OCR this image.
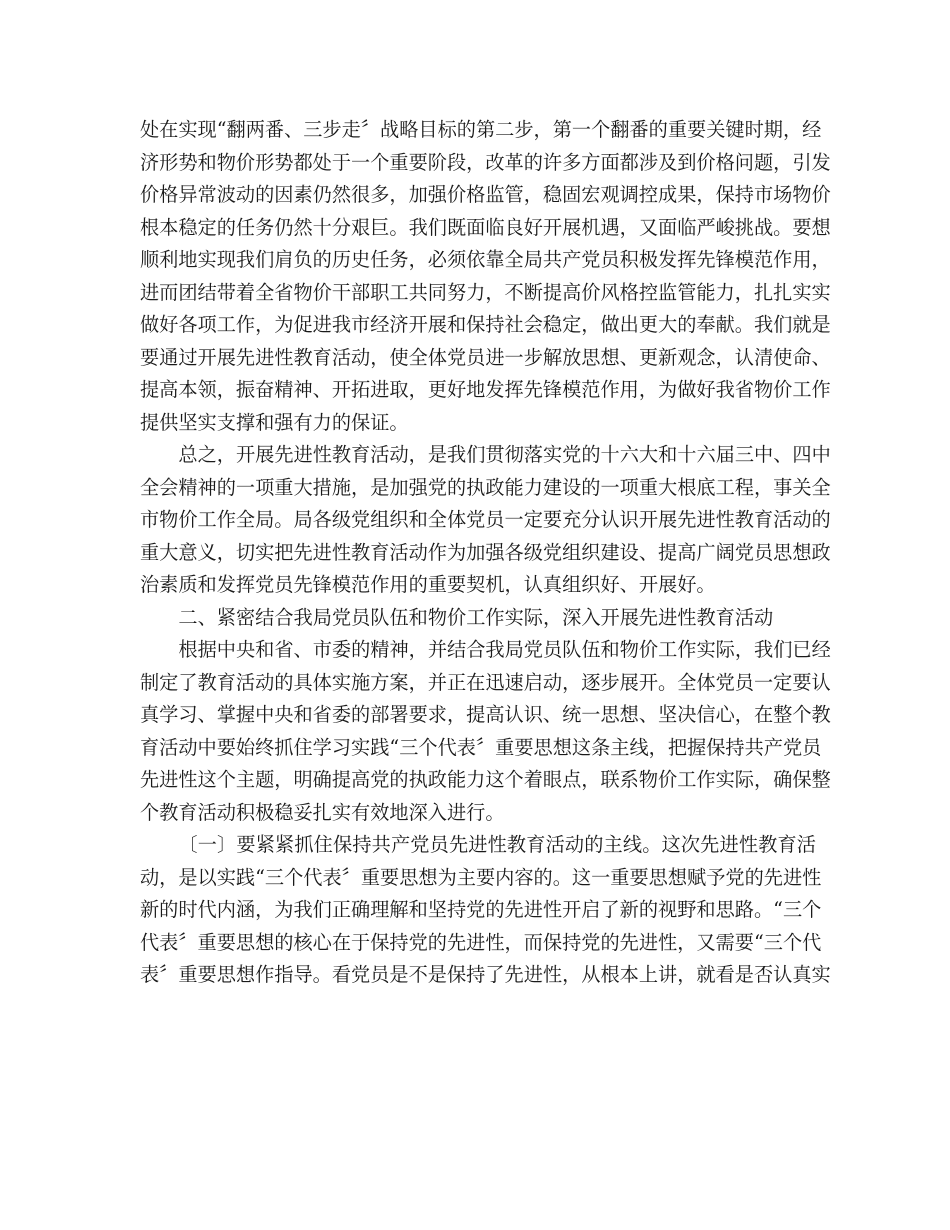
处在实现“翻两番、三步走〞战略目标的第二步，第一个翻番的重要关键时期，经
济形势和物价形势都处于一个重要阶段，改革的许多方面都涉及到价格问题，引发
价格异常波动的因素仍然很多，加强价格监管，稳固宏观调控成果，保持市场物价
根本稳定的任务仍然十分艰巨。我们既面临良好开展机遇，又面临严峻挑战。要想
顺利地实现我们肩负的历史任务，必须依靠全局共产党员积极发挥先锋模范作用，
进而团结带着全省物价干部职工共同努力，不断提高价风格控监管能力，扎扎实实
做好各项工作，为促进我市经济开展和保持社会稳定，做出更大的奉献。我们就是
要通过开展先进性教育活动，使全体党员进一步解放思想、更新观念，认清使命、
提高本领，振奋精神、开拓进取，更好地发挥先锋模范作用，为做好我省物价工作
提供坚实支撑和强有力的保证。

总之，开展先进性教育活动，是我们贯彻落实党的十六大和十六届三中、四中
全会精神的一项重大措施，是加强党的执政能力建设的一项重大根底工程，事关全
市物价工作全局。局各级党组织和全体党员一定要充分认识开展先进性教育活动的
重大意义，切实把先进性教育活动作为加强各级党组织建设、提高广阔党员思想政
治素质和发挥党员先锋模范作用的重要契机，认真组织好、开展好。

二、紧密结合我局党员队伍和物价工作实际，深入开展先进性教育活动

根据中央和省、市委的精神，并结合我局党员队伍和物价工作实际，我们已经
制定了教育活动的具体实施方案，并正在迅速启动，逐步展开。全体党员一定要认
真学习、掌握中央和省委的部署要求，提高认识、统一思想、坚决信心，在整个教
育活动中要始终抓住学习实践“三个代表〞重要思想这条主线，把握保持共产党员
先进性这个主题，明确提高党的执政能力这个着眼点，联系物价工作实际，确保整
个教育活动积极稳妥扎实有效地深入进行。

〔一〕要紧紧抓住保持共产党员先进性教育活动的主线。这次先进性教育活
动，是以实践“三个代表〞重要思想为主要内容的。这一重要思想赋予党的先进性
新的时代内涵，为我们正确理解和坚持党的先进性开启了新的视野和思路。“三个
代表〞重要思想的核心在于保持党的先进性，而保持党的先进性，又需要“三个代
表〞重要思想作指导。看党员是不是保持了先进性，从根本上讲，就看是否认真实
